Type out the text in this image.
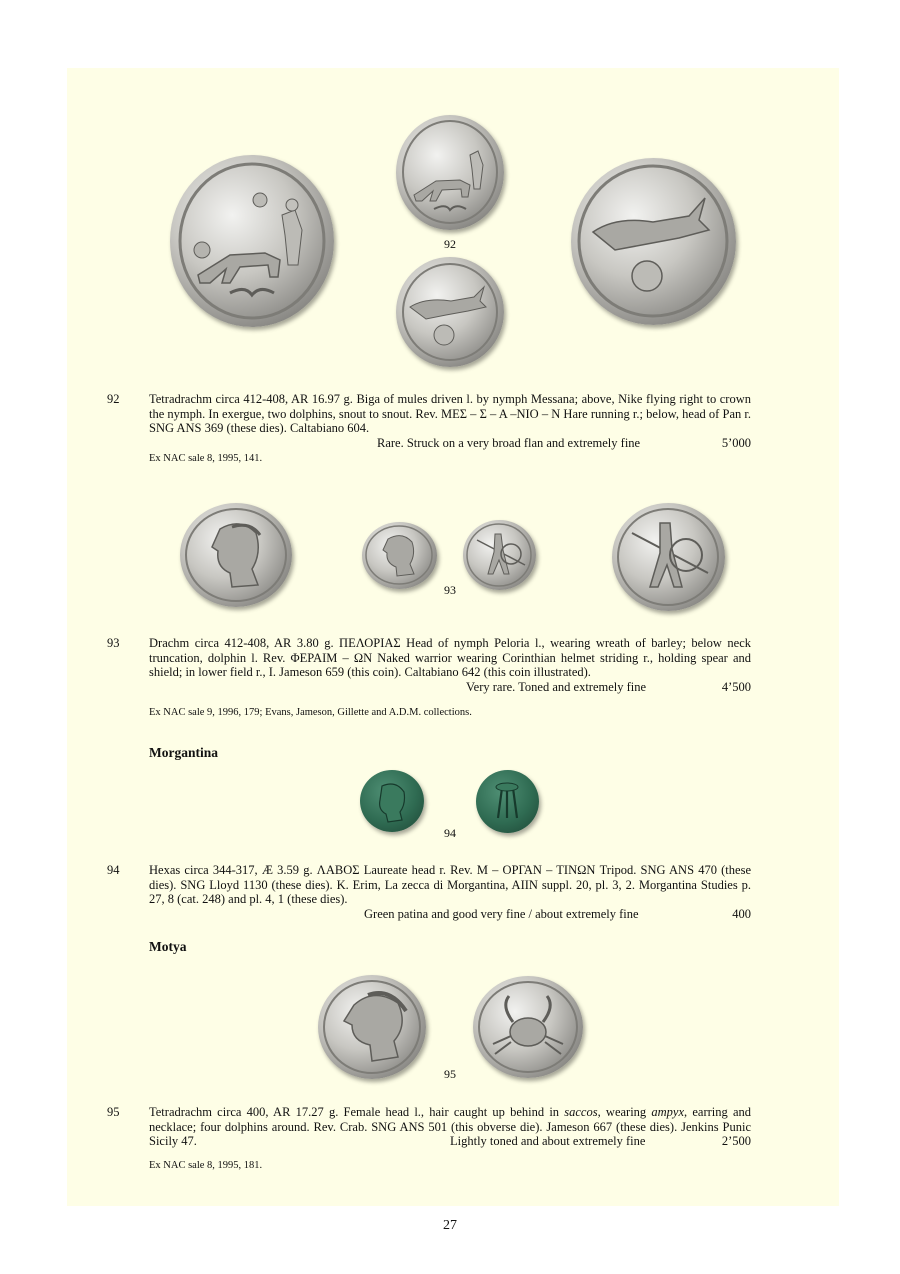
92
92 Tetradrachm circa 412-408, AR 16.97 g. Biga of mules driven l. by nymph Messana; above, Nike flying right to crown the nymph. In exergue, two dolphins, snout to snout. Rev. ΜΕΣ – Σ – Α –ΝΙΟ – Ν Hare running r.; below, head of Pan r. SNG ANS 369 (these dies). Caltabiano 604.
Rare. Struck on a very broad flan and extremely fine	5’000
Ex NAC sale 8, 1995, 141.
93
93 Drachm circa 412-408, AR 3.80 g. ΠΕΛΟΡΙΑΣ Head of nymph Peloria l., wearing wreath of barley; below neck truncation, dolphin l. Rev. ΦΕΡΑΙΜ – ΩΝ Naked warrior wearing Corinthian helmet striding r., holding spear and shield; in lower field r., I. Jameson 659 (this coin). Caltabiano 642 (this coin illustrated).
Very rare. Toned and extremely fine	4’500
Ex NAC sale 9, 1996, 179; Evans, Jameson, Gillette and A.D.M. collections.
Morgantina
94
94 Hexas circa 344-317, Æ 3.59 g. ΛΑΒΟΣ Laureate head r. Rev. Μ – ΟΡΓΑΝ – ΤΙΝΩΝ Tripod. SNG ANS 470 (these dies). SNG Lloyd 1130 (these dies). K. Erim, La zecca di Morgantina, AIIN suppl. 20, pl. 3, 2. Morgantina Studies p. 27, 8 (cat. 248) and pl. 4, 1 (these dies).
Green patina and good very fine / about extremely fine	400
Motya
95
95 Tetradrachm circa 400, AR 17.27 g. Female head l., hair caught up behind in saccos, wearing ampyx, earring and necklace; four dolphins around. Rev. Crab. SNG ANS 501 (this obverse die). Jameson 667 (these dies). Jenkins Punic Sicily 47.	Lightly toned and about extremely fine	2’500
Ex NAC sale 8, 1995, 181.
27
